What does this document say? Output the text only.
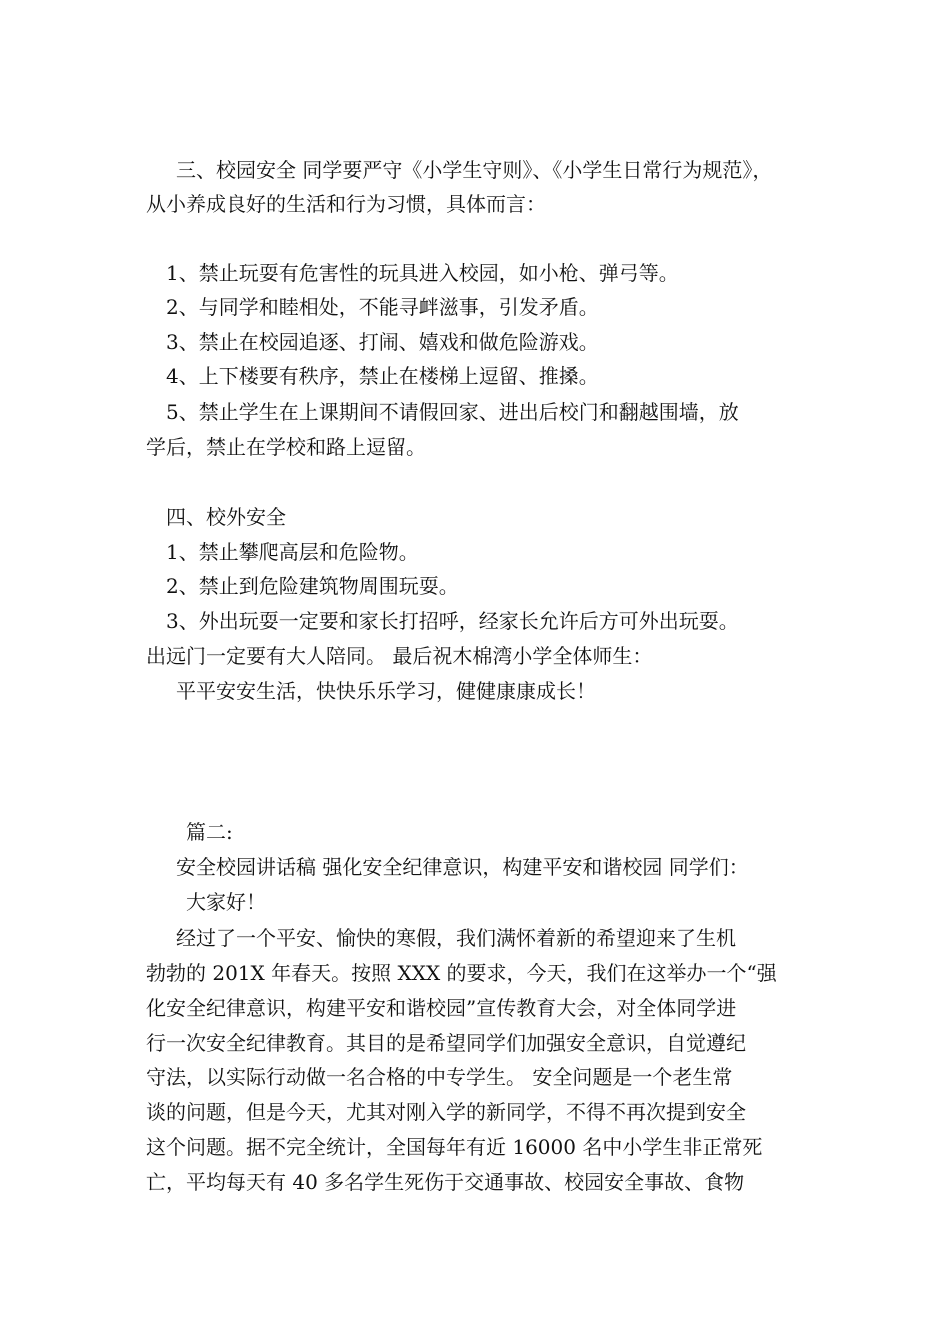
三、校园安全 同学要严守《小学生守则》、《小学生日常行为规范》，

从小养成良好的生活和行为习惯，具体而言：

1、禁止玩耍有危害性的玩具进入校园，如小枪、弹弓等。

2、与同学和睦相处，不能寻衅滋事，引发矛盾。

3、禁止在校园追逐、打闹、嬉戏和做危险游戏。

4、上下楼要有秩序，禁止在楼梯上逗留、推搡。

5、禁止学生在上课期间不请假回家、进出后校门和翻越围墙，放

学后，禁止在学校和路上逗留。

四、校外安全

1、禁止攀爬高层和危险物。

2、禁止到危险建筑物周围玩耍。

3、外出玩耍一定要和家长打招呼，经家长允许后方可外出玩耍。

出远门一定要有大人陪同。 最后祝木棉湾小学全体师生：

平平安安生活，快快乐乐学习，健健康康成长！

篇二:

安全校园讲话稿 强化安全纪律意识，构建平安和谐校园 同学们：

大家好！

经过了一个平安、愉快的寒假，我们满怀着新的希望迎来了生机

勃勃的 201X 年春天。按照 XXX 的要求，今天，我们在这举办一个“强

化安全纪律意识，构建平安和谐校园”宣传教育大会，对全体同学进

行一次安全纪律教育。其目的是希望同学们加强安全意识，自觉遵纪

守法，以实际行动做一名合格的中专学生。 安全问题是一个老生常

谈的问题，但是今天，尤其对刚入学的新同学，不得不再次提到安全

这个问题。据不完全统计，全国每年有近 16000 名中小学生非正常死

亡，平均每天有 40 多名学生死伤于交通事故、校园安全事故、食物
